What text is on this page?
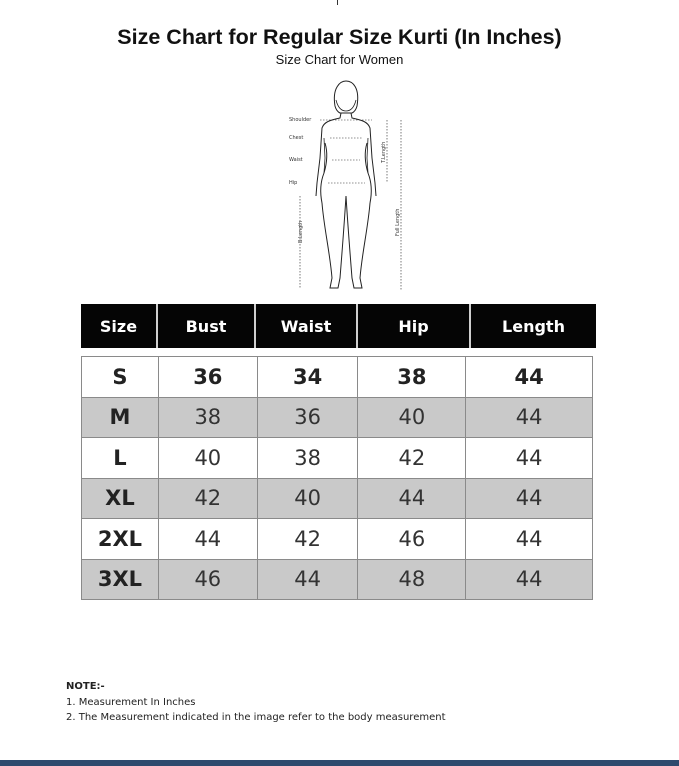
Size Chart for Regular Size Kurti (In Inches)
Size Chart for Women
Shoulder
Chest
Waist
Hip
B.Length
T.Length
Full Length
Size	Bust	Waist	Hip	Length
S	36	34	38	44
M	38	36	40	44
L	40	38	42	44
XL	42	40	44	44
2XL	44	42	46	44
3XL	46	44	48	44
NOTE:-
1. Measurement In Inches
2. The Measurement indicated in the image refer to the body measurement
